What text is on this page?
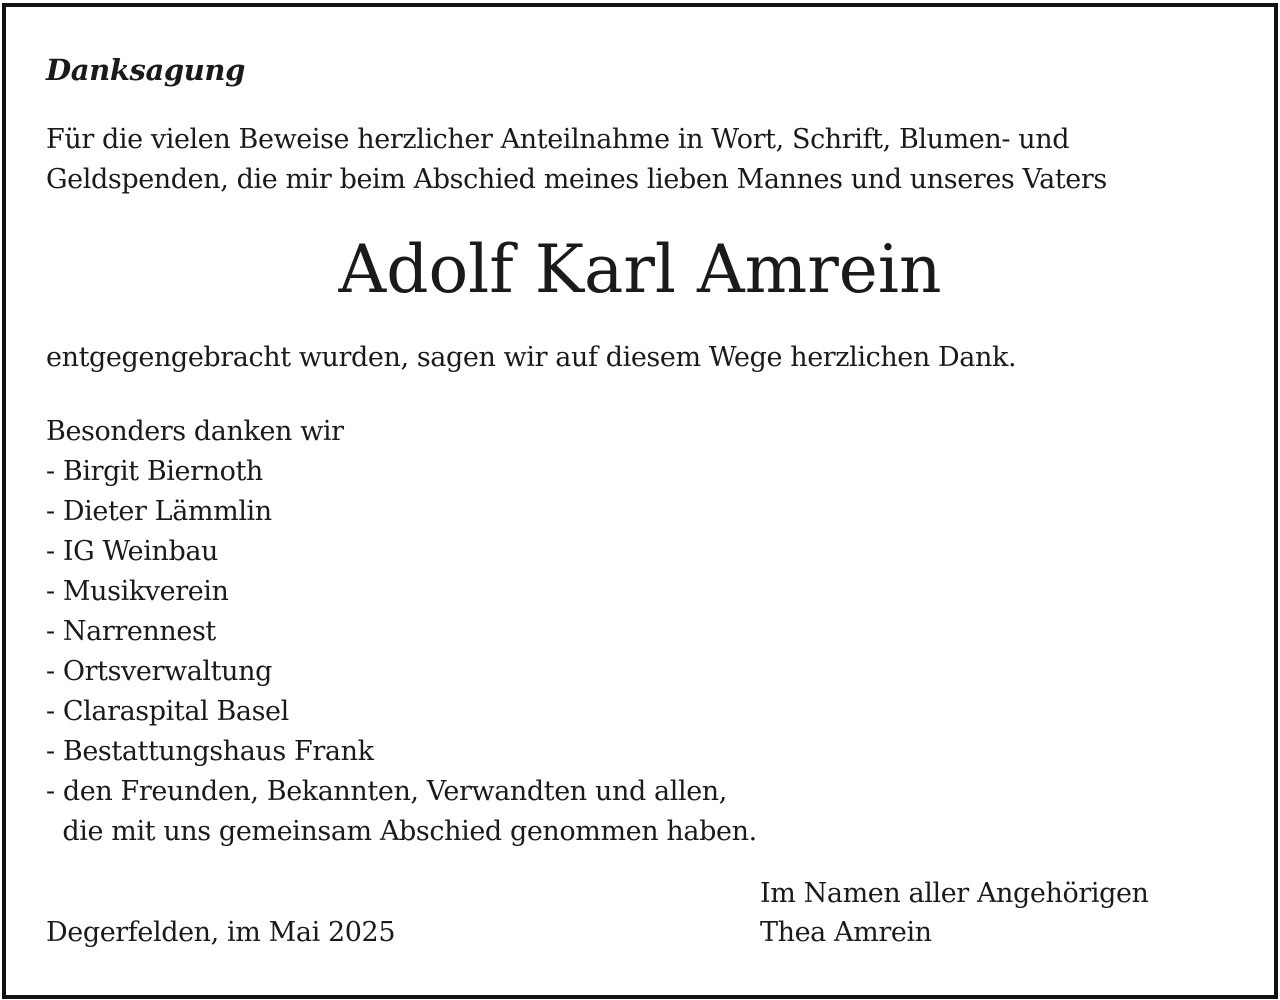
Danksagung
Für die vielen Beweise herzlicher Anteilnahme in Wort, Schrift, Blumen- und
Geldspenden, die mir beim Abschied meines lieben Mannes und unseres Vaters
Adolf Karl Amrein
entgegengebracht wurden, sagen wir auf diesem Wege herzlichen Dank.
Besonders danken wir
- Birgit Biernoth
- Dieter Lämmlin
- IG Weinbau
- Musikverein
- Narrennest
- Ortsverwaltung
- Claraspital Basel
- Bestattungshaus Frank
- den Freunden, Bekannten, Verwandten und allen,
die mit uns gemeinsam Abschied genommen haben.
Im Namen aller Angehörigen
Thea Amrein
Degerfelden, im Mai 2025
